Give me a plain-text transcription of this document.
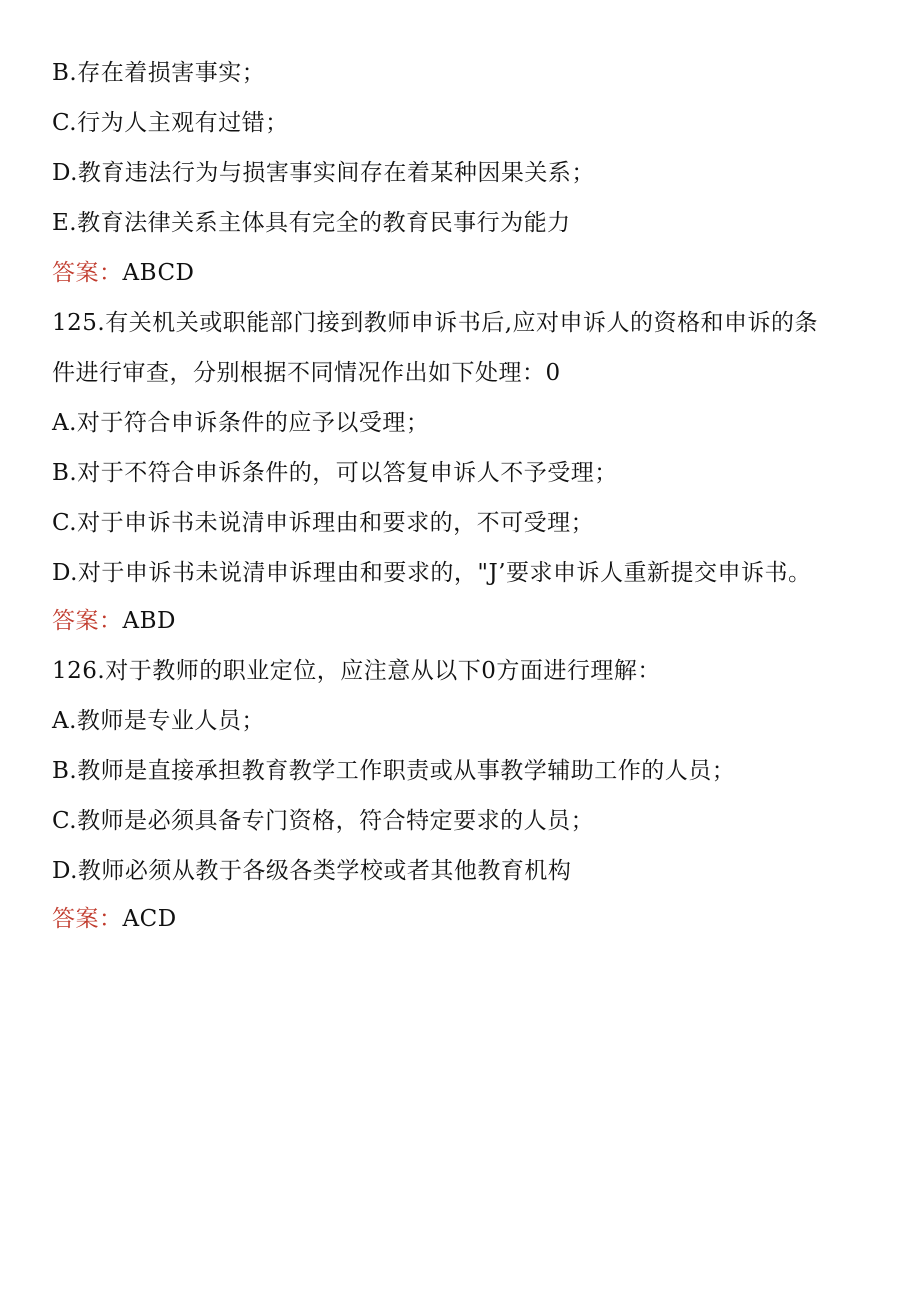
B.存在着损害事实；
C.行为人主观有过错；
D.教育违法行为与损害事实间存在着某种因果关系；
E.教育法律关系主体具有完全的教育民事行为能力
答案：ABCD
125.有关机关或职能部门接到教师申诉书后,应对申诉人的资格和申诉的条
件进行审查，分别根据不同情况作出如下处理：0
A.对于符合申诉条件的应予以受理；
B.对于不符合申诉条件的，可以答复申诉人不予受理；
C.对于申诉书未说清申诉理由和要求的，不可受理；
D.对于申诉书未说清申诉理由和要求的，"J’要求申诉人重新提交申诉书。
答案：ABD
126.对于教师的职业定位，应注意从以下0方面进行理解：
A.教师是专业人员；
B.教师是直接承担教育教学工作职责或从事教学辅助工作的人员；
C.教师是必须具备专门资格，符合特定要求的人员；
D.教师必须从教于各级各类学校或者其他教育机构
答案：ACD
